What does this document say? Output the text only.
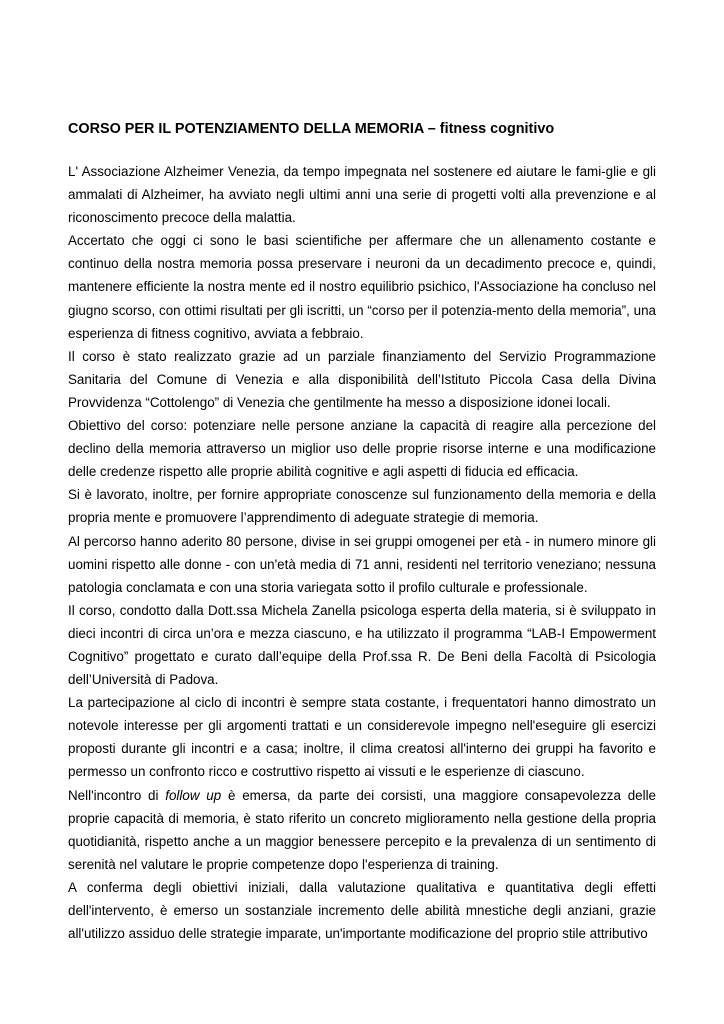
CORSO PER IL POTENZIAMENTO DELLA MEMORIA – fitness cognitivo

L' Associazione Alzheimer Venezia, da tempo impegnata nel sostenere ed aiutare le fami-glie e gli ammalati di Alzheimer, ha avviato negli ultimi anni una serie di progetti volti alla prevenzione e al riconoscimento precoce della malattia.

Accertato che oggi ci sono le basi scientifiche per affermare che un allenamento costante e continuo della nostra memoria possa preservare i neuroni da un decadimento precoce e, quindi, mantenere efficiente la nostra mente ed il nostro equilibrio psichico, l'Associazione ha concluso nel giugno scorso, con ottimi risultati per gli iscritti, un “corso per il potenzia-mento della memoria”, una esperienza di fitness cognitivo, avviata a febbraio.

Il corso è stato realizzato grazie ad un parziale finanziamento del Servizio Programmazione Sanitaria del Comune di Venezia e alla disponibilità dell’Istituto Piccola Casa della Divina Provvidenza “Cottolengo” di Venezia che gentilmente ha messo a disposizione idonei locali.

Obiettivo del corso: potenziare nelle persone anziane la capacità di reagire alla percezione del declino della memoria attraverso un miglior uso delle proprie risorse interne e una modificazione delle credenze rispetto alle proprie abilità cognitive e agli aspetti di fiducia ed efficacia.

Si è lavorato, inoltre, per fornire appropriate conoscenze sul funzionamento della memoria e della propria mente e promuovere l’apprendimento di adeguate strategie di memoria.

Al percorso hanno aderito 80 persone, divise in sei gruppi omogenei per età - in numero minore gli uomini rispetto alle donne - con un'età media di 71 anni, residenti nel territorio veneziano; nessuna patologia conclamata e con una storia variegata sotto il profilo culturale e professionale.

Il corso, condotto dalla Dott.ssa Michela Zanella psicologa esperta della materia, si è sviluppato in dieci incontri di circa un’ora e mezza ciascuno, e ha utilizzato il programma “LAB-I Empowerment Cognitivo” progettato e curato dall’equipe della Prof.ssa R. De Beni della Facoltà di Psicologia dell’Università di Padova.

La partecipazione al ciclo di incontri è sempre stata costante, i frequentatori hanno dimostrato un notevole interesse per gli argomenti trattati e un considerevole impegno nell'eseguire gli esercizi proposti durante gli incontri e a casa; inoltre, il clima creatosi all'interno dei gruppi ha favorito e permesso un confronto ricco e costruttivo rispetto ai vissuti e le esperienze di ciascuno.

Nell'incontro di follow up è emersa, da parte dei corsisti, una maggiore consapevolezza delle proprie capacità di memoria, è stato riferito un concreto miglioramento nella gestione della propria quotidianità, rispetto anche a un maggior benessere percepito e la prevalenza di un sentimento di serenità nel valutare le proprie competenze dopo l'esperienza di training.

A conferma degli obiettivi iniziali, dalla valutazione qualitativa e quantitativa degli effetti dell'intervento, è emerso un sostanziale incremento delle abilità mnestiche degli anziani, grazie all'utilizzo assiduo delle strategie imparate, un'importante modificazione del proprio stile attributivo
